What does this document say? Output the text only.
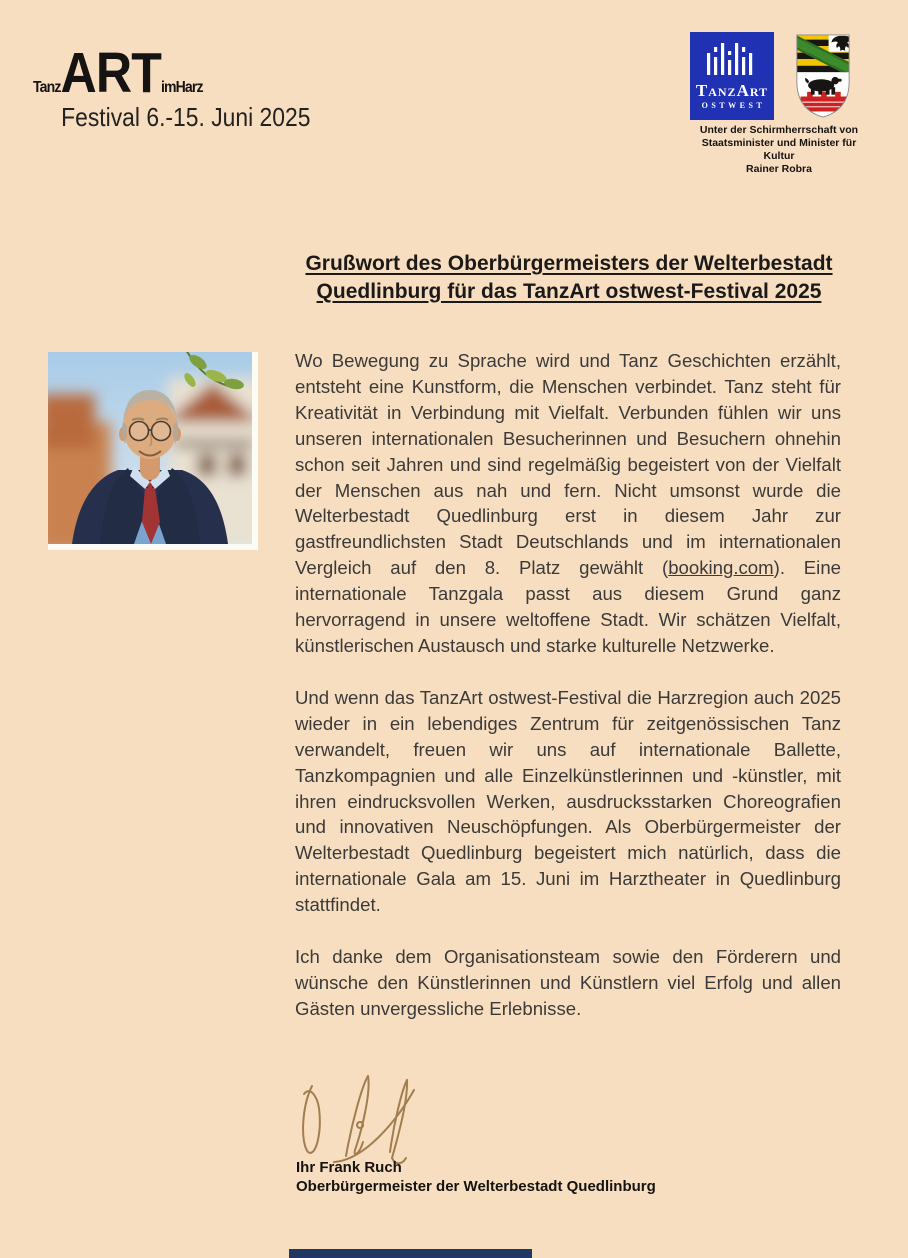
Tanz ART imHarz
Festival 6.-15. Juni 2025
TanzArt
ostwest
Unter der Schirmherrschaft von
Staatsminister und Minister für Kultur
Rainer Robra
Grußwort des Oberbürgermeisters der Welterbestadt
Quedlinburg für das TanzArt ostwest-Festival 2025

Wo Bewegung zu Sprache wird und Tanz Geschichten erzählt, entsteht eine Kunstform, die Menschen verbindet. Tanz steht für Kreativität in Verbindung mit Vielfalt. Verbunden fühlen wir uns unseren internationalen Besucherinnen und Besuchern ohnehin schon seit Jahren und sind regelmäßig begeistert von der Vielfalt der Menschen aus nah und fern. Nicht umsonst wurde die Welterbestadt Quedlinburg erst in diesem Jahr zur gastfreundlichsten Stadt Deutschlands und im internationalen Vergleich auf den 8. Platz gewählt (booking.com). Eine internationale Tanzgala passt aus diesem Grund ganz hervorragend in unsere weltoffene Stadt. Wir schätzen Vielfalt, künstlerischen Austausch und starke kulturelle Netzwerke.

Und wenn das TanzArt ostwest-Festival die Harzregion auch 2025 wieder in ein lebendiges Zentrum für zeitgenössischen Tanz verwandelt, freuen wir uns auf internationale Ballette, Tanzkompagnien und alle Einzelkünstlerinnen und -künstler, mit ihren eindrucksvollen Werken, ausdrucksstarken Choreografien und innovativen Neuschöpfungen. Als Oberbürgermeister der Welterbestadt Quedlinburg begeistert mich natürlich, dass die internationale Gala am 15. Juni im Harztheater in Quedlinburg stattfindet.

Ich danke dem Organisationsteam sowie den Förderern und wünsche den Künstlerinnen und Künstlern viel Erfolg und allen Gästen unvergessliche Erlebnisse.

Ihr Frank Ruch
Oberbürgermeister der Welterbestadt Quedlinburg
